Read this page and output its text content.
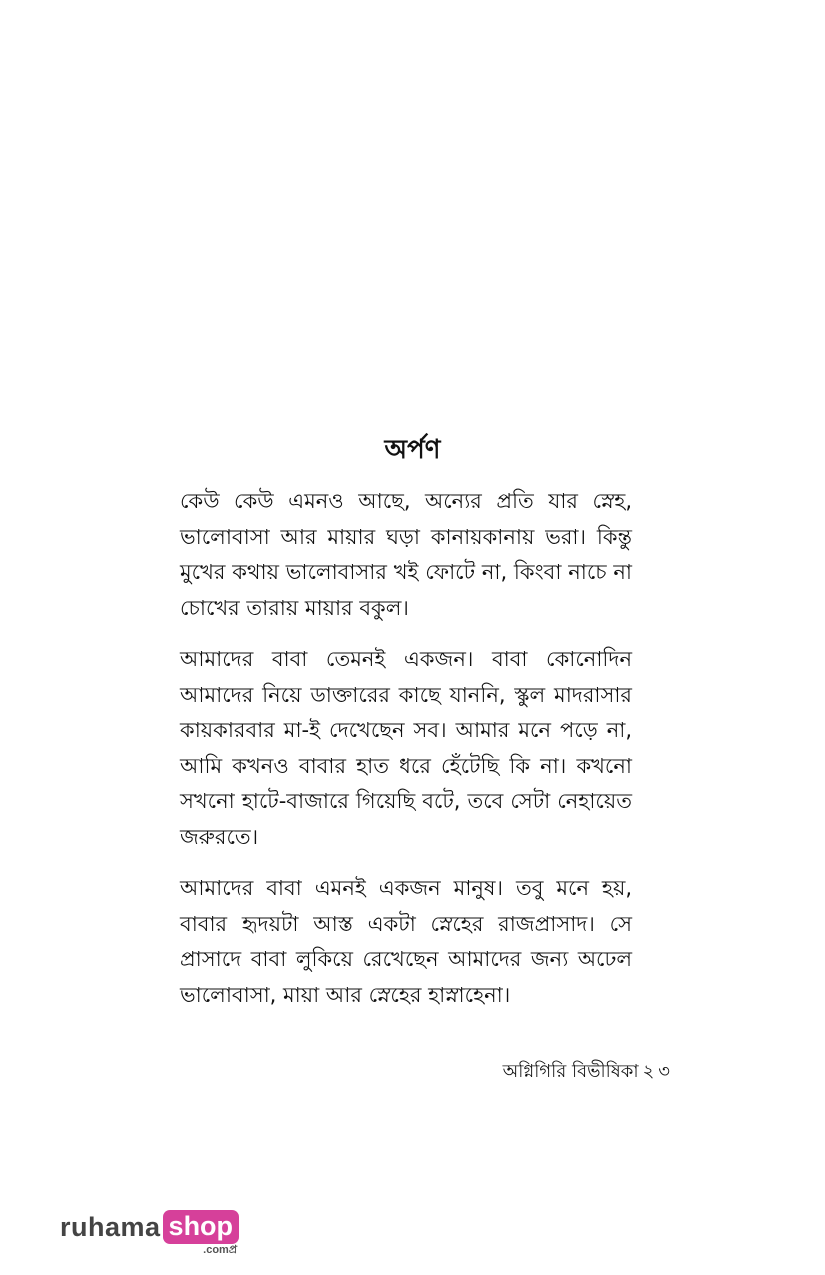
অর্পণ

কেউ কেউ এমনও আছে, অন্যের প্রতি যার স্নেহ, ভালোবাসা আর মায়ার ঘড়া কানায়কানায় ভরা। কিন্তু মুখের কথায় ভালোবাসার খই ফোটে না, কিংবা নাচে না চোখের তারায় মায়ার বকুল।

আমাদের বাবা তেমনই একজন। বাবা কোনোদিন আমাদের নিয়ে ডাক্তারের কাছে যাননি, স্কুল মাদরাসার কায়কারবার মা-ই দেখেছেন সব। আমার মনে পড়ে না, আমি কখনও বাবার হাত ধরে হেঁটেছি কি না। কখনো সখনো হাটে-বাজারে গিয়েছি বটে, তবে সেটা নেহায়েত জরুরতে।

আমাদের বাবা এমনই একজন মানুষ। তবু মনে হয়, বাবার হৃদয়টা আস্ত একটা স্নেহের রাজপ্রাসাদ। সে প্রাসাদে বাবা লুকিয়ে রেখেছেন আমাদের জন্য অঢেল ভালোবাসা, মায়া আর স্নেহের হাস্নাহেনা।

অগ্নিগিরি বিভীষিকা ২ ৩
ruhama shop
.comপ্র
